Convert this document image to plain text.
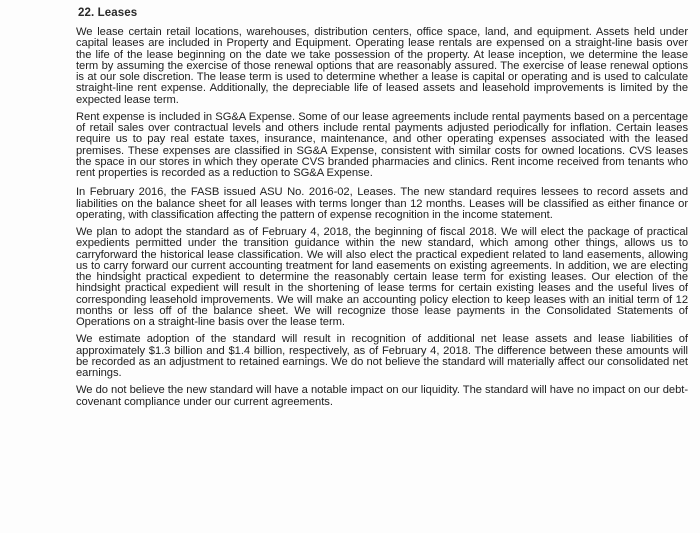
22. Leases

We lease certain retail locations, warehouses, distribution centers, office space, land, and equipment. Assets held under capital leases are included in Property and Equipment. Operating lease rentals are expensed on a straight-line basis over the life of the lease beginning on the date we take possession of the property. At lease inception, we determine the lease term by assuming the exercise of those renewal options that are reasonably assured. The exercise of lease renewal options is at our sole discretion. The lease term is used to determine whether a lease is capital or operating and is used to calculate straight-line rent expense. Additionally, the depreciable life of leased assets and leasehold improvements is limited by the expected lease term.

Rent expense is included in SG&A Expense. Some of our lease agreements include rental payments based on a percentage of retail sales over contractual levels and others include rental payments adjusted periodically for inflation. Certain leases require us to pay real estate taxes, insurance, maintenance, and other operating expenses associated with the leased premises. These expenses are classified in SG&A Expense, consistent with similar costs for owned locations. CVS leases the space in our stores in which they operate CVS branded pharmacies and clinics. Rent income received from tenants who rent properties is recorded as a reduction to SG&A Expense.

In February 2016, the FASB issued ASU No. 2016-02, Leases. The new standard requires lessees to record assets and liabilities on the balance sheet for all leases with terms longer than 12 months. Leases will be classified as either finance or operating, with classification affecting the pattern of expense recognition in the income statement.

We plan to adopt the standard as of February 4, 2018, the beginning of fiscal 2018. We will elect the package of practical expedients permitted under the transition guidance within the new standard, which among other things, allows us to carryforward the historical lease classification. We will also elect the practical expedient related to land easements, allowing us to carry forward our current accounting treatment for land easements on existing agreements. In addition, we are electing the hindsight practical expedient to determine the reasonably certain lease term for existing leases. Our election of the hindsight practical expedient will result in the shortening of lease terms for certain existing leases and the useful lives of corresponding leasehold improvements. We will make an accounting policy election to keep leases with an initial term of 12 months or less off of the balance sheet. We will recognize those lease payments in the Consolidated Statements of Operations on a straight-line basis over the lease term.

We estimate adoption of the standard will result in recognition of additional net lease assets and lease liabilities of approximately $1.3 billion and $1.4 billion, respectively, as of February 4, 2018. The difference between these amounts will be recorded as an adjustment to retained earnings. We do not believe the standard will materially affect our consolidated net earnings.

We do not believe the new standard will have a notable impact on our liquidity. The standard will have no impact on our debt-covenant compliance under our current agreements.
